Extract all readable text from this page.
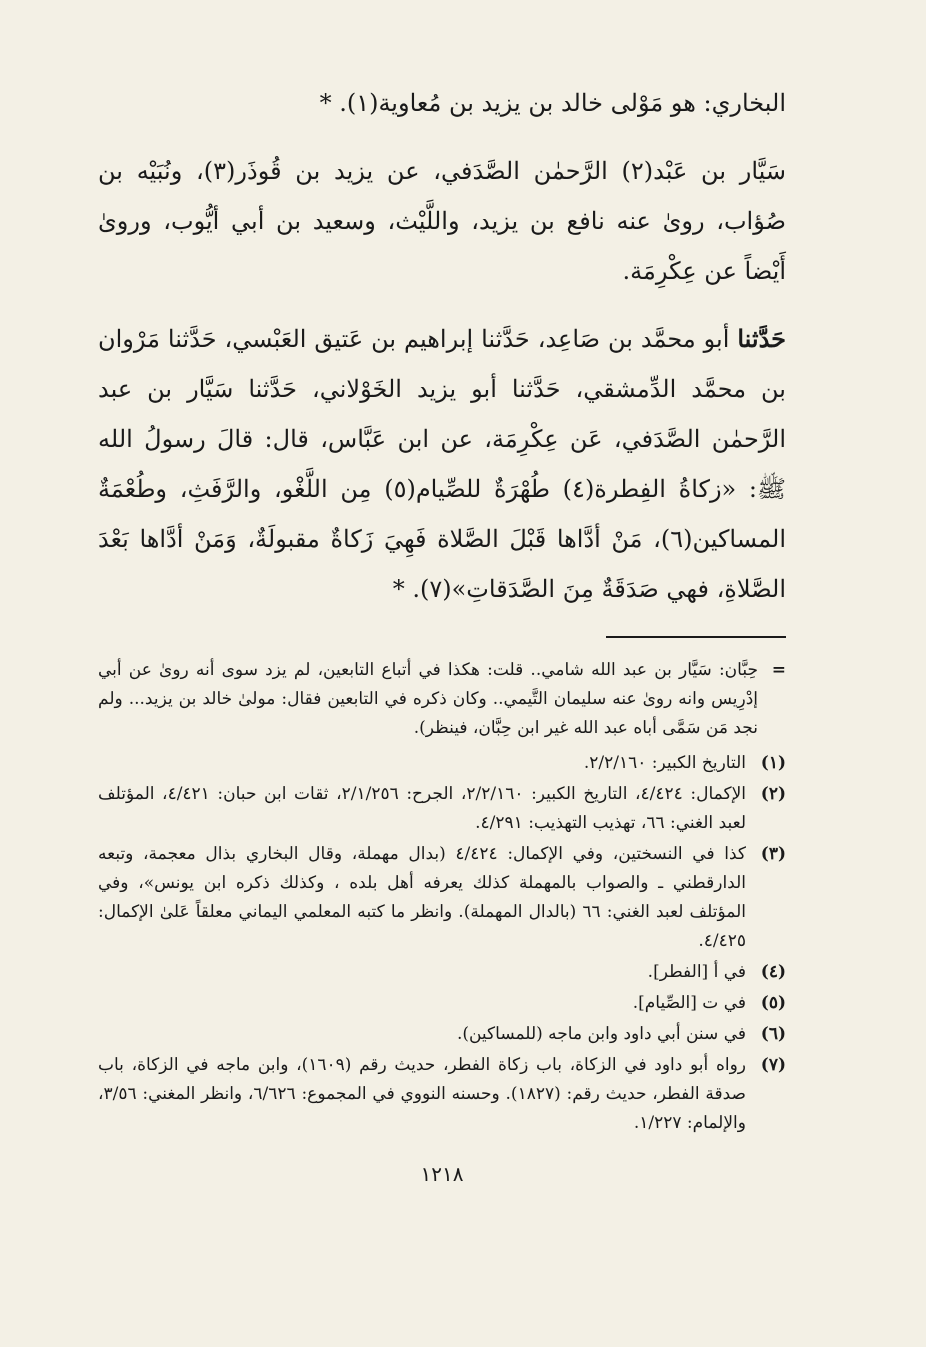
البخاري: هو مَوْلى خالد بن يزيد بن مُعاوية(١). *

سَيَّار بن عَبْد(٢) الرَّحمٰن الصَّدَفي، عن يزيد بن قُوذَر(٣)، ونُبَيْه بن صُؤاب، روىٰ عنه نافع بن يزيد، واللَّيْث، وسعيد بن أبي أيُّوب، وروىٰ أَيْضاً عن عِكْرِمَة.

حَدَّثنا أبو محمَّد بن صَاعِد، حَدَّثنا إبراهيم بن عَتيق العَبْسي، حَدَّثنا مَرْوان بن محمَّد الدِّمشقي، حَدَّثنا أبو يزيد الخَوْلاني، حَدَّثنا سَيَّار بن عبد الرَّحمٰن الصَّدَفي، عَن عِكْرِمَة، عن ابن عَبَّاس، قال: قالَ رسولُ الله ﷺ: «زكاةُ الفِطرة(٤) طُهْرَةٌ للصِّيام(٥) مِن اللَّغْو، والرَّفَثِ، وطُعْمَةٌ المساكين(٦)، مَنْ أدَّاها قَبْلَ الصَّلاة فَهِيَ زَكاةٌ مقبولَةٌ، وَمَنْ أدَّاها بَعْدَ الصَّلاةِ، فهي صَدَقَةٌ مِنَ الصَّدَقاتِ»(٧). *

=
حِبَّان: سَيَّار بن عبد الله شامي.. قلت: هكذا في أتباع التابعين، لم يزد سوى أنه روىٰ عن أبي إدْرِيس وانه روىٰ عنه سليمان التَّيمي.. وكان ذكره في التابعين فقال: مولىٰ خالد بن يزيد... ولم نجد مَن سَمَّى أباه عبد الله غير ابن حِبَّان، فينظر).
(١)
التاريخ الكبير: ٢/٢/١٦٠.
(٢)
الإكمال: ٤/٤٢٤، التاريخ الكبير: ٢/٢/١٦٠، الجرح: ٢/١/٢٥٦، ثقات ابن حبان: ٤/٤٢١، المؤتلف لعبد الغني: ٦٦، تهذيب التهذيب: ٤/٢٩١.
(٣)
كذا في النسختين، وفي الإكمال: ٤/٤٢٤ (بدال مهملة، وقال البخاري بذال معجمة، وتبعه الدارقطني ـ والصواب بالمهملة كذلك يعرفه أهل بلده ، وكذلك ذكره ابن يونس»، وفي المؤتلف لعبد الغني: ٦٦ (بالدال المهملة). وانظر ما كتبه المعلمي اليماني معلقاً عَلىٰ الإكمال: ٤/٤٢٥.
(٤)
في أ [الفطر].
(٥)
في ت [الصِّيام].
(٦)
في سنن أبي داود وابن ماجه (للمساكين).
(٧)
رواه أبو داود في الزكاة، باب زكاة الفطر، حديث رقم (١٦٠٩)، وابن ماجه في الزكاة، باب صدقة الفطر، حديث رقم: (١٨٢٧). وحسنه النووي في المجموع: ٦/٦٢٦، وانظر المغني: ٣/٥٦، والإلمام: ١/٢٢٧.
١٢١٨
